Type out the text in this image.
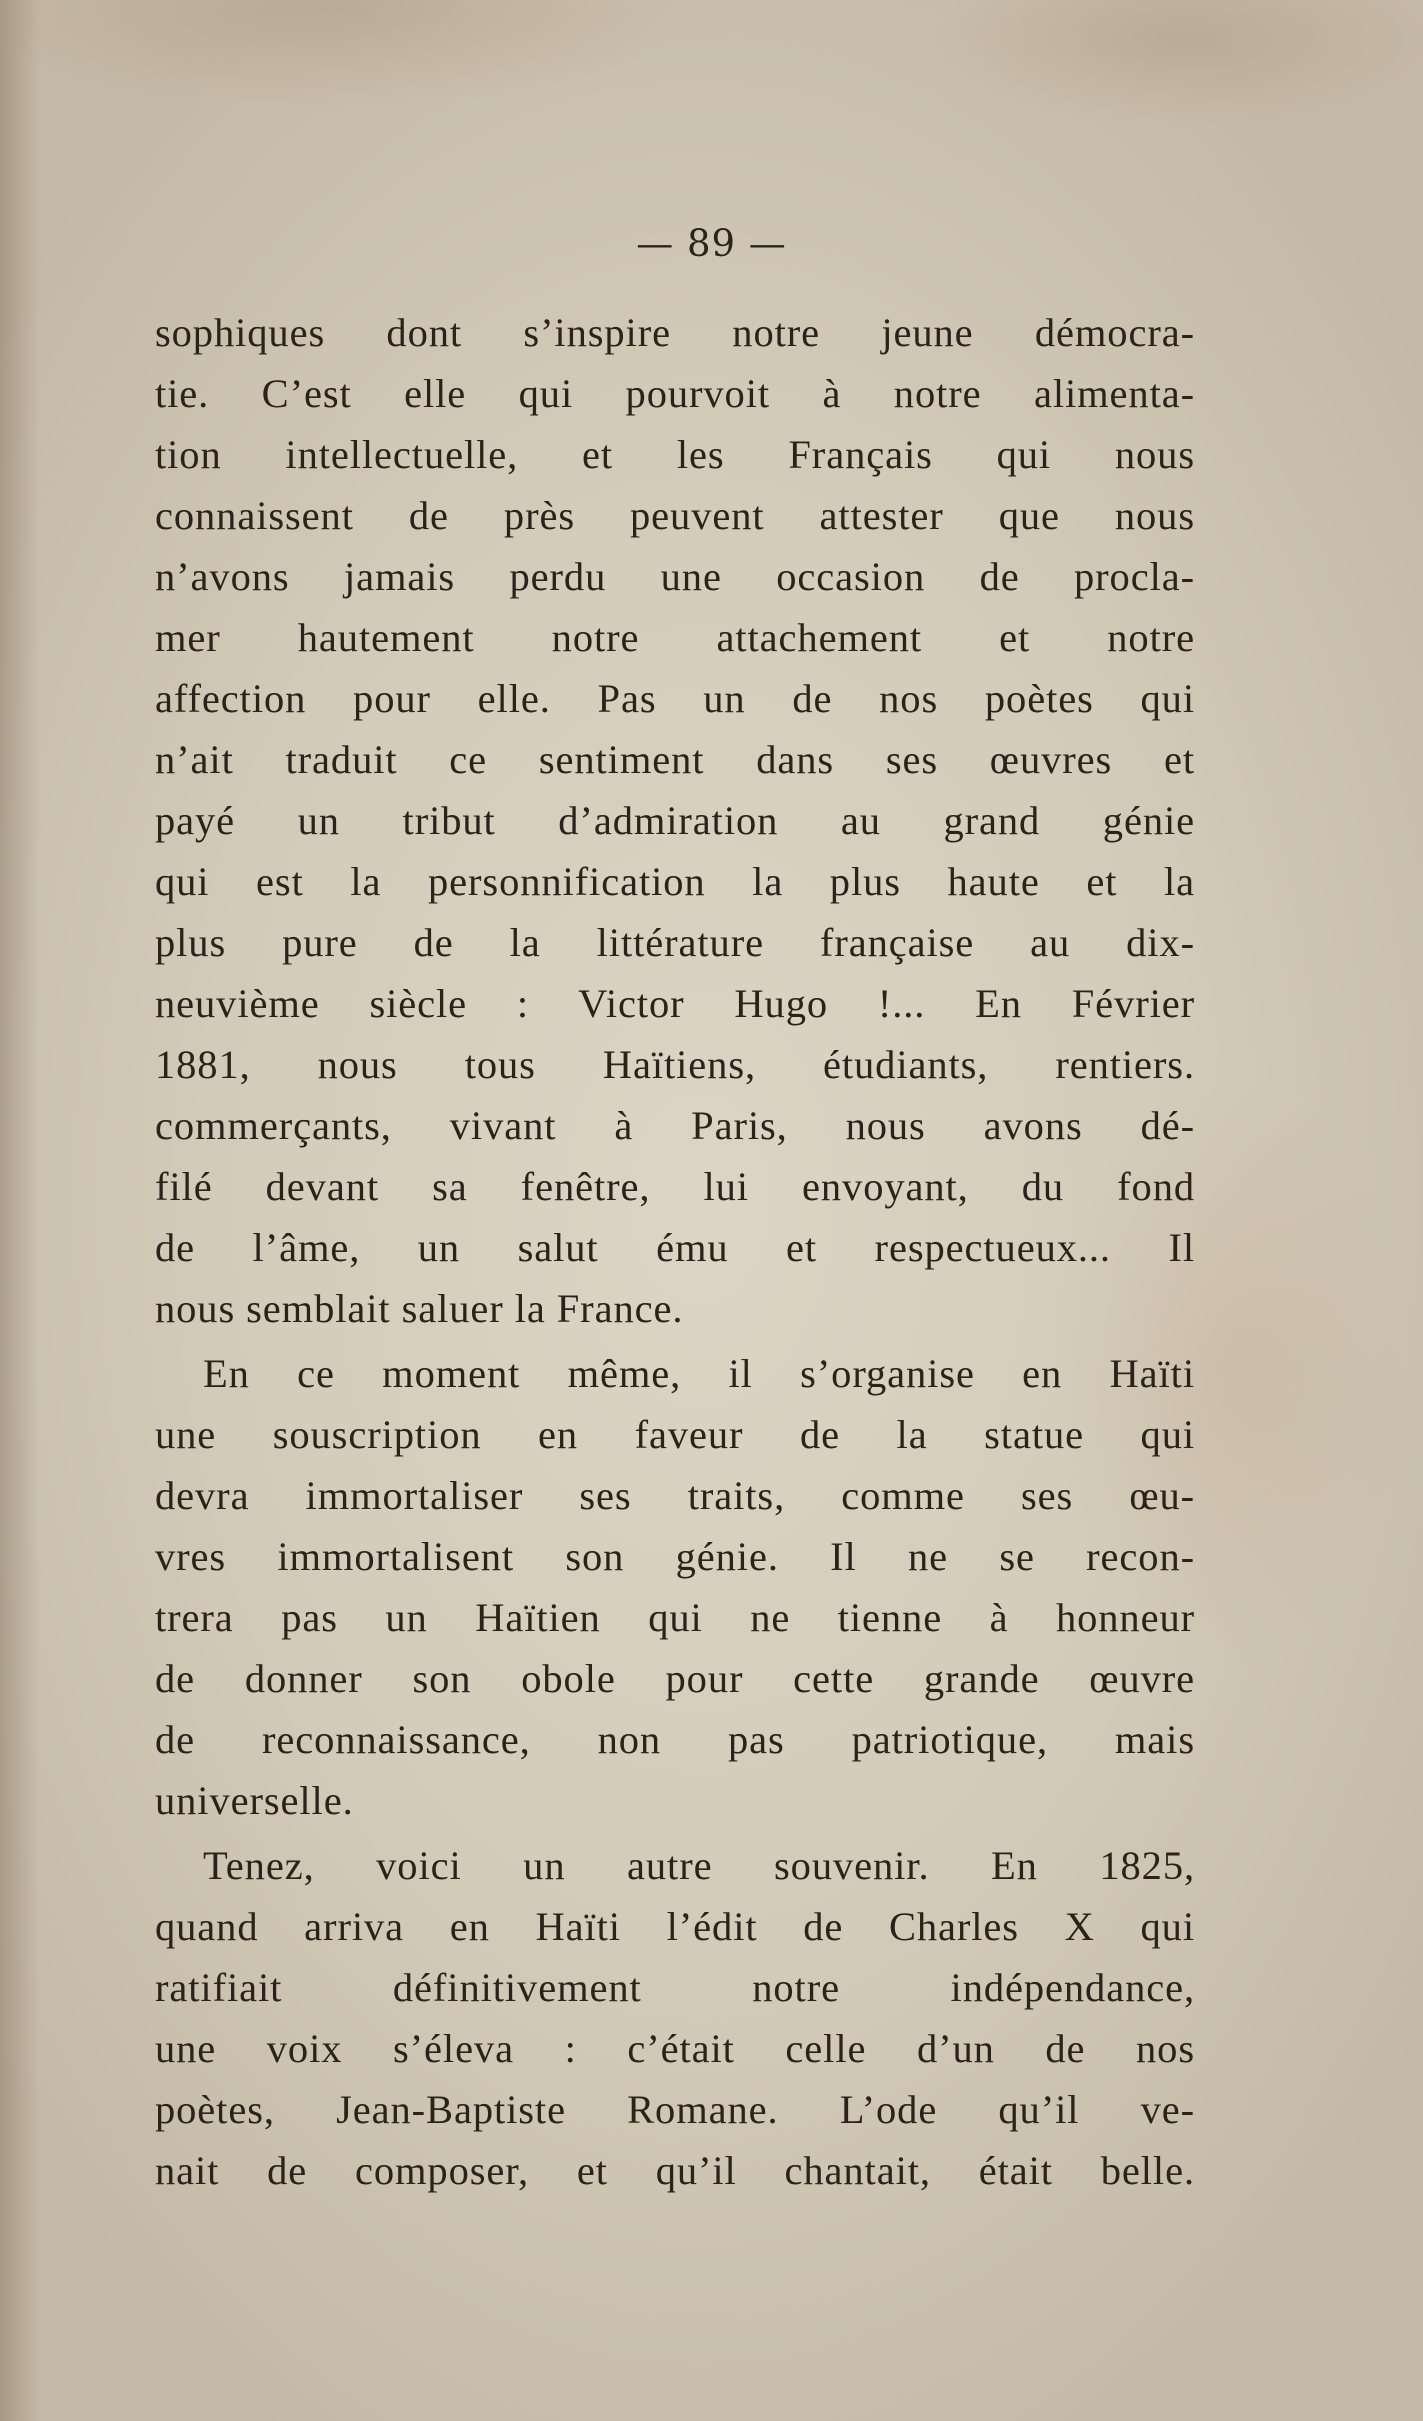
— 89 —
sophiques dont s’inspire notre jeune démocra-
tie. C’est elle qui pourvoit à notre alimenta-
tion intellectuelle, et les Français qui nous
connaissent de près peuvent attester que nous
n’avons jamais perdu une occasion de procla-
mer hautement notre attachement et notre
affection pour elle. Pas un de nos poètes qui
n’ait traduit ce sentiment dans ses œuvres et
payé un tribut d’admiration au grand génie
qui est la personnification la plus haute et la
plus pure de la littérature française au dix-
neuvième siècle : Victor Hugo !... En Février
1881, nous tous Haïtiens, étudiants, rentiers.
commerçants, vivant à Paris, nous avons dé-
filé devant sa fenêtre, lui envoyant, du fond
de l’âme, un salut ému et respectueux... Il
nous semblait saluer la France.
En ce moment même, il s’organise en Haïti
une souscription en faveur de la statue qui
devra immortaliser ses traits, comme ses œu-
vres immortalisent son génie. Il ne se recon-
trera pas un Haïtien qui ne tienne à honneur
de donner son obole pour cette grande œuvre
de reconnaissance, non pas patriotique, mais
universelle.
Tenez, voici un autre souvenir. En 1825,
quand arriva en Haïti l’édit de Charles X qui
ratifiait définitivement notre indépendance,
une voix s’éleva : c’était celle d’un de nos
poètes, Jean-Baptiste Romane. L’ode qu’il ve-
nait de composer, et qu’il chantait, était belle.
